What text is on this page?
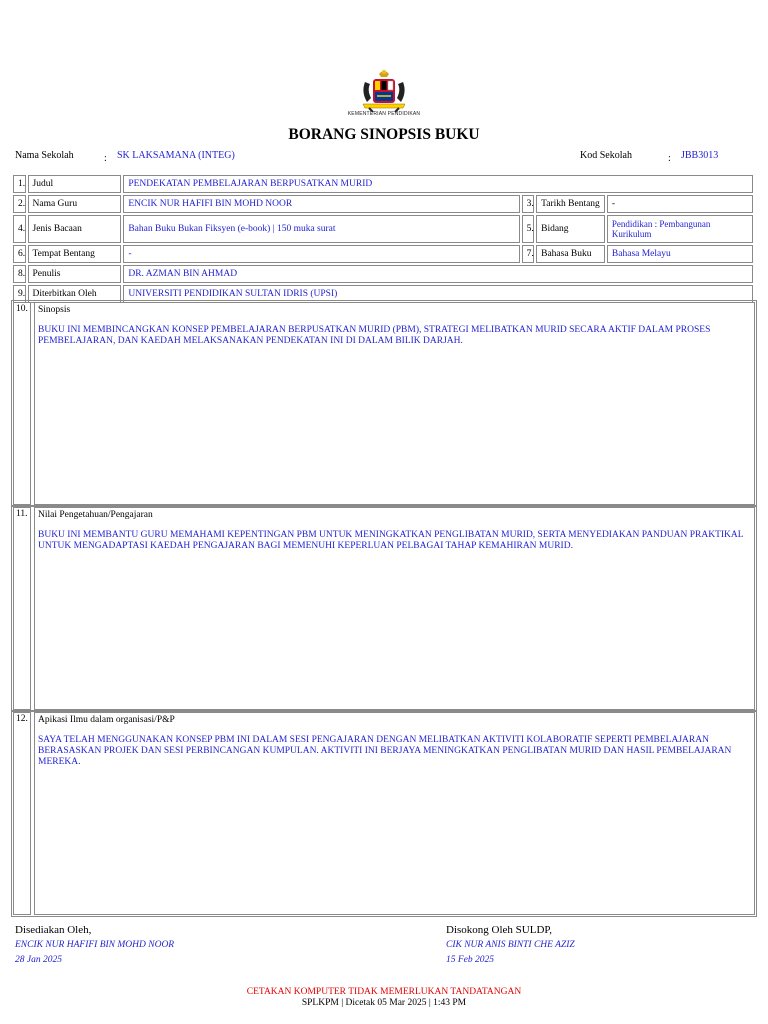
KEMENTERIAN PENDIDIKAN
BORANG SINOPSIS BUKU
Nama Sekolah	: SK LAKSAMANA (INTEG)	Kod Sekolah	: JBB3013
1.	Judul	PENDEKATAN PEMBELAJARAN BERPUSATKAN MURID			
2.	Nama Guru	ENCIK NUR HAFIFI BIN MOHD NOOR	3.	Tarikh Bentang	-
4.	Jenis Bacaan	Bahan Buku Bukan Fiksyen (e-book) | 150 muka surat	5.	Bidang	Pendidikan : Pembangunan Kurikulum
6.	Tempat Bentang	-	7.	Bahasa Buku	Bahasa Melayu
8.	Penulis	DR. AZMAN BIN AHMAD			
9.	Diterbitkan Oleh	UNIVERSITI PENDIDIKAN SULTAN IDRIS (UPSI)			
10.	Sinopsis
BUKU INI MEMBINCANGKAN KONSEP PEMBELAJARAN BERPUSATKAN MURID (PBM), STRATEGI MELIBATKAN MURID SECARA AKTIF DALAM PROSES PEMBELAJARAN, DAN KAEDAH MELAKSANAKAN PENDEKATAN INI DI DALAM BILIK DARJAH.
11.	Nilai Pengetahuan/Pengajaran
BUKU INI MEMBANTU GURU MEMAHAMI KEPENTINGAN PBM UNTUK MENINGKATKAN PENGLIBATAN MURID, SERTA MENYEDIAKAN PANDUAN PRAKTIKAL UNTUK MENGADAPTASI KAEDAH PENGAJARAN BAGI MEMENUHI KEPERLUAN PELBAGAI TAHAP KEMAHIRAN MURID.
12.	Apikasi Ilmu dalam organisasi/P&P
SAYA TELAH MENGGUNAKAN KONSEP PBM INI DALAM SESI PENGAJARAN DENGAN MELIBATKAN AKTIVITI KOLABORATIF SEPERTI PEMBELAJARAN BERASASKAN PROJEK DAN SESI PERBINCANGAN KUMPULAN. AKTIVITI INI BERJAYA MENINGKATKAN PENGLIBATAN MURID DAN HASIL PEMBELAJARAN MEREKA.
Disediakan Oleh,
ENCIK NUR HAFIFI BIN MOHD NOOR
28 Jan 2025
Disokong Oleh SULDP,
CIK NUR ANIS BINTI CHE AZIZ
15 Feb 2025
CETAKAN KOMPUTER TIDAK MEMERLUKAN TANDATANGAN
SPLKPM | Dicetak 05 Mar 2025 | 1:43 PM
